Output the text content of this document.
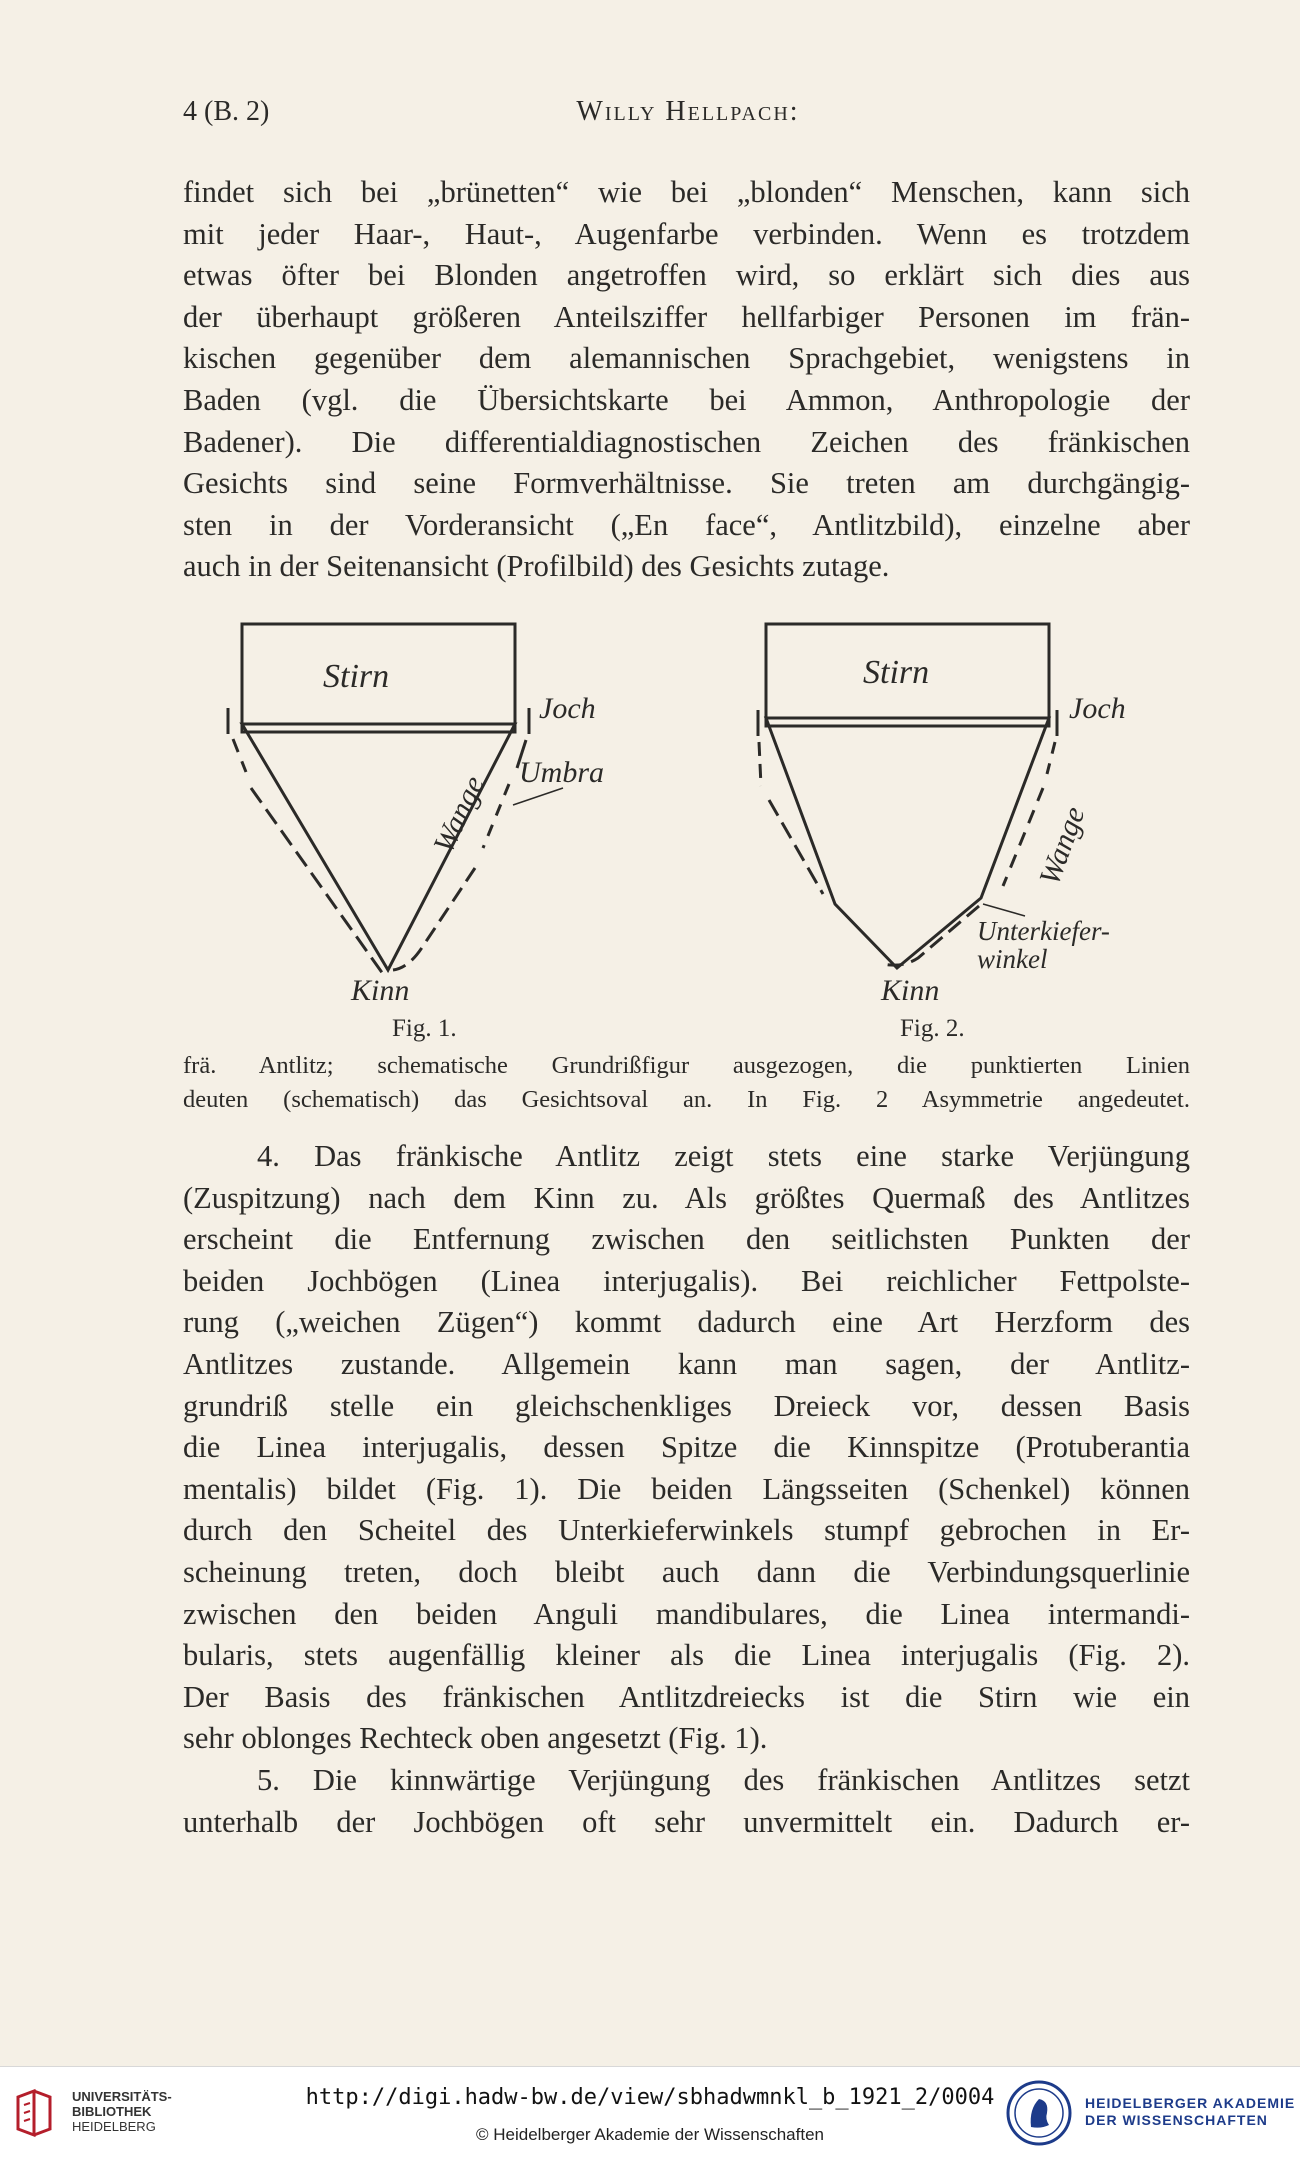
4 (B. 2)	Willy Hellpach:
findet sich bei „brünetten“ wie bei „blonden“ Menschen, kann sich
mit jeder Haar-, Haut-, Augenfarbe verbinden. Wenn es trotzdem
etwas öfter bei Blonden angetroffen wird, so erklärt sich dies aus
der überhaupt größeren Anteilsziffer hellfarbiger Personen im frän-
kischen gegenüber dem alemannischen Sprachgebiet, wenigstens in
Baden (vgl. die Übersichtskarte bei Ammon, Anthropologie der
Badener). Die differentialdiagnostischen Zeichen des fränkischen
Gesichts sind seine Formverhältnisse. Sie treten am durchgängig-
sten in der Vorderansicht („En face“, Antlitzbild), einzelne aber
auch in der Seitenansicht (Profilbild) des Gesichts zutage.
Stirn
Joch
Umbra
Wange
Kinn
Stirn
Joch
Wange
Unterkiefer-
winkel
Kinn
Fig. 1.	Fig. 2.
frä. Antlitz; schematische Grundrißfigur ausgezogen, die punktierten Linien
deuten (schematisch) das Gesichtsoval an. In Fig. 2 Asymmetrie angedeutet.
4. Das fränkische Antlitz zeigt stets eine starke Verjüngung
(Zuspitzung) nach dem Kinn zu. Als größtes Quermaß des Antlitzes
erscheint die Entfernung zwischen den seitlichsten Punkten der
beiden Jochbögen (Linea interjugalis). Bei reichlicher Fettpolste-
rung („weichen Zügen“) kommt dadurch eine Art Herzform des
Antlitzes zustande. Allgemein kann man sagen, der Antlitz-
grundriß stelle ein gleichschenkliges Dreieck vor, dessen Basis
die Linea interjugalis, dessen Spitze die Kinnspitze (Protuberantia
mentalis) bildet (Fig. 1). Die beiden Längsseiten (Schenkel) können
durch den Scheitel des Unterkieferwinkels stumpf gebrochen in Er-
scheinung treten, doch bleibt auch dann die Verbindungsquerlinie
zwischen den beiden Anguli mandibulares, die Linea intermandi-
bularis, stets augenfällig kleiner als die Linea interjugalis (Fig. 2).
Der Basis des fränkischen Antlitzdreiecks ist die Stirn wie ein
sehr oblonges Rechteck oben angesetzt (Fig. 1).
5. Die kinnwärtige Verjüngung des fränkischen Antlitzes setzt
unterhalb der Jochbögen oft sehr unvermittelt ein. Dadurch er-
UNIVERSITÄTS-
BIBLIOTHEK
HEIDELBERG
http://digi.hadw-bw.de/view/sbhadwmnkl_b_1921_2/0004
© Heidelberger Akademie der Wissenschaften
HEIDELBERGER AKADEMIE
DER WISSENSCHAFTEN
